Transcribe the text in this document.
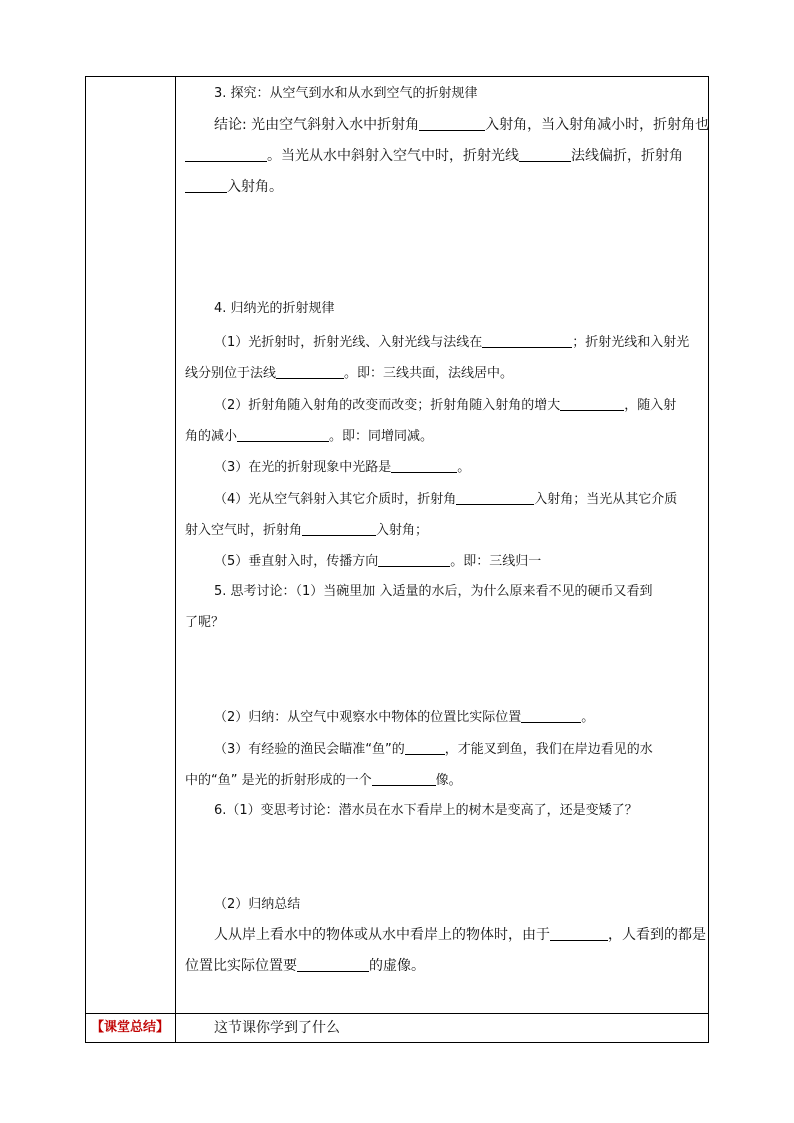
3. 探究：从空气到水和从水到空气的折射规律
结论: 光由空气斜射入水中折射角	入射角，当入射角减小时，折射角也
。当光从水中斜射入空气中时，折射光线	法线偏折，折射角
入射角。
4. 归纳光的折射规律
（1）光折射时，折射光线、入射光线与法线在	；折射光线和入射光
线分别位于法线	。即：三线共面，法线居中。
（2）折射角随入射角的改变而改变；折射角随入射角的增大	，随入射
角的减小	。即：同增同减。
（3）在光的折射现象中光路是	。
（4）光从空气斜射入其它介质时，折射角	入射角；当光从其它介质
射入空气时，折射角	入射角；
（5）垂直射入时，传播方向	。即：三线归一
5. 思考讨论：（1）当碗里加 入适量的水后，为什么原来看不见的硬币又看到
了呢？
（2）归纳：从空气中观察水中物体的位置比实际位置	。
（3）有经验的渔民会瞄准“鱼”的	，才能叉到鱼，我们在岸边看见的水
中的“鱼” 是光的折射形成的一个	像。
6.（1）变思考讨论：潜水员在水下看岸上的树木是变高了，还是变矮了？
（2）归纳总结
人从岸上看水中的物体或从水中看岸上的物体时，由于	，人看到的都是
位置比实际位置要	的虚像。
【课堂总结】	这节课你学到了什么
